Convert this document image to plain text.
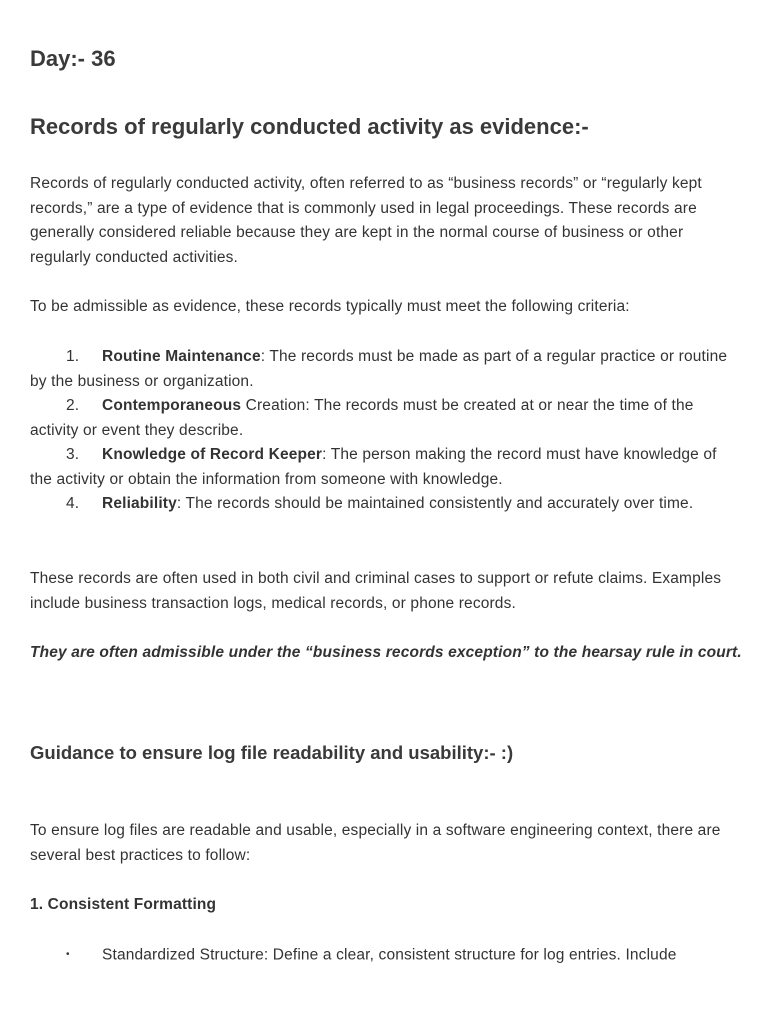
Day:- 36
Records of regularly conducted activity as evidence:-

Records of regularly conducted activity, often referred to as “business records” or “regularly kept records,” are a type of evidence that is commonly used in legal proceedings. These records are generally considered reliable because they are kept in the normal course of business or other regularly conducted activities.

To be admissible as evidence, these records typically must meet the following criteria:

1. Routine Maintenance: The records must be made as part of a regular practice or routine by the business or organization.

2. Contemporaneous Creation: The records must be created at or near the time of the activity or event they describe.

3. Knowledge of Record Keeper: The person making the record must have knowledge of the activity or obtain the information from someone with knowledge.

4. Reliability: The records should be maintained consistently and accurately over time.

These records are often used in both civil and criminal cases to support or refute claims. Examples include business transaction logs, medical records, or phone records.

They are often admissible under the “business records exception” to the hearsay rule in court.

Guidance to ensure log file readability and usability:- :)

To ensure log files are readable and usable, especially in a software engineering context, there are several best practices to follow:

1. Consistent Formatting

• Standardized Structure: Define a clear, consistent structure for log entries. Include
